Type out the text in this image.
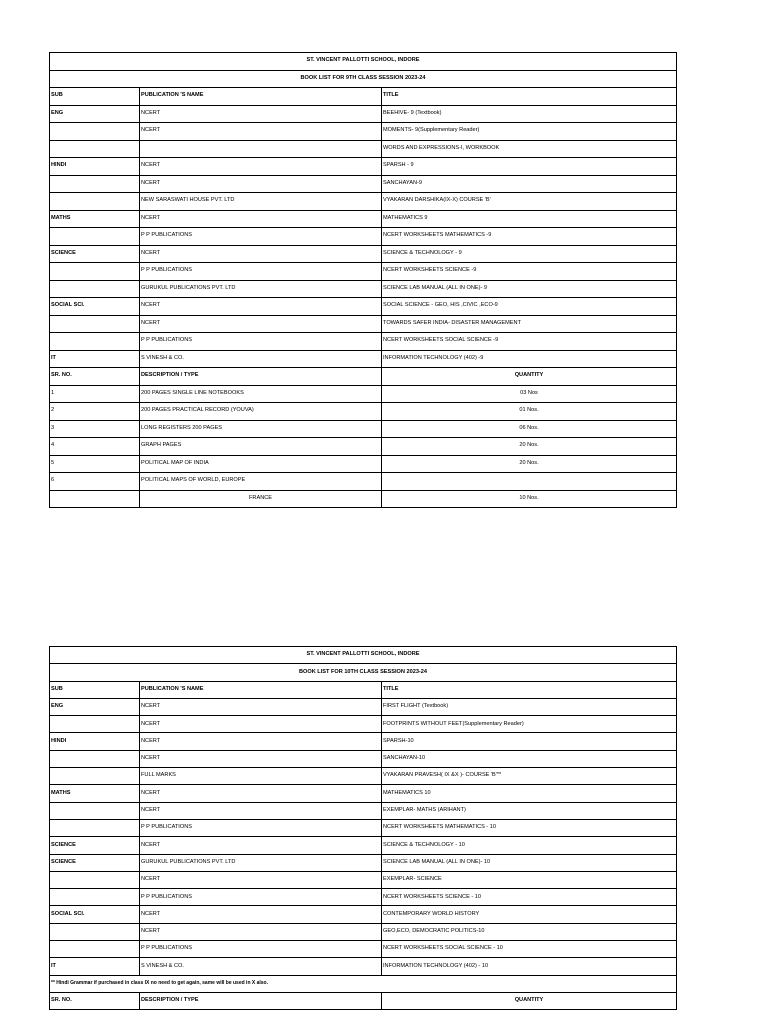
ST. VINCENT PALLOTTI SCHOOL, INDORE		
BOOK LIST FOR 9TH CLASS SESSION 2023-24		
SUB	PUBLICATION 'S NAME	TITLE
ENG	NCERT	BEEHIVE- 9 (Textbook)
	NCERT	MOMENTS- 9(Supplementary Reader)
		WORDS AND EXPRESSIONS-I, WORKBOOK
HINDI	NCERT	SPARSH - 9
	NCERT	SANCHAYAN-9
	NEW SARASWATI HOUSE PVT. LTD	VYAKARAN DARSHIKA(IX-X) COURSE 'B'
MATHS	NCERT	MATHEMATICS 9
	P P PUBLICATIONS	NCERT WORKSHEETS MATHEMATICS -9
SCIENCE	NCERT	SCIENCE & TECHNOLOGY - 9
	P P PUBLICATIONS	NCERT WORKSHEETS SCIENCE -9
	GURUKUL PUBLICATIONS PVT. LTD	SCIENCE LAB MANUAL (ALL IN ONE)- 9
SOCIAL SCI.	NCERT	SOCIAL SCIENCE - GEO, HIS ,CIVIC ,ECO-9
	NCERT	TOWARDS SAFER INDIA- DISASTER MANAGEMENT
	P P PUBLICATIONS	NCERT WORKSHEETS SOCIAL SCIENCE -9
IT	S VINESH & CO.	INFORMATION TECHNOLOGY (402) -9
SR. NO.	DESCRIPTION / TYPE	QUANTITY
1	200 PAGES SINGLE LINE NOTEBOOKS	03 Nos
2	200 PAGES PRACTICAL RECORD (YOUVA)	01 Nos.
3	LONG REGISTERS 200 PAGES	06 Nos.
4	GRAPH PAGES	20 Nos.
5	POLITICAL MAP OF INDIA	20 Nos.
6	POLITICAL MAPS OF WORLD, EUROPE	
	FRANCE	10 Nos.
ST. VINCENT PALLOTTI SCHOOL, INDORE		
BOOK LIST FOR 10TH CLASS SESSION 2023-24		
SUB	PUBLICATION 'S NAME	TITLE
ENG	NCERT	FIRST FLIGHT (Textbook)
	NCERT	FOOTPRINTS WITHOUT FEET(Supplementary Reader)
HINDI	NCERT	SPARSH-10
	NCERT	SANCHAYAN-10
	FULL MARKS	VYAKARAN PRAVESH( IX &X )- COURSE 'B'**
MATHS	NCERT	MATHEMATICS 10
	NCERT	EXEMPLAR- MATHS (ARIHANT)
	P P PUBLICATIONS	NCERT WORKSHEETS MATHEMATICS - 10
SCIENCE	NCERT	SCIENCE & TECHNOLOGY - 10
SCIENCE	GURUKUL PUBLICATIONS PVT. LTD	SCIENCE LAB MANUAL (ALL IN ONE)- 10
	NCERT	EXEMPLAR- SCIENCE
	P P PUBLICATIONS	NCERT WORKSHEETS SCIENCE - 10
SOCIAL SCI.	NCERT	CONTEMPORARY WORLD HISTORY
	NCERT	GEO,ECO, DEMOCRATIC POLITICS-10
	P P PUBLICATIONS	NCERT WORKSHEETS SOCIAL SCIENCE - 10
IT	S VINESH & CO.	INFORMATION TECHNOLOGY (402) - 10
** Hindi Grammar if purchased in class IX no need to get again, same will be used in X also.		
SR. NO.	DESCRIPTION / TYPE	QUANTITY
